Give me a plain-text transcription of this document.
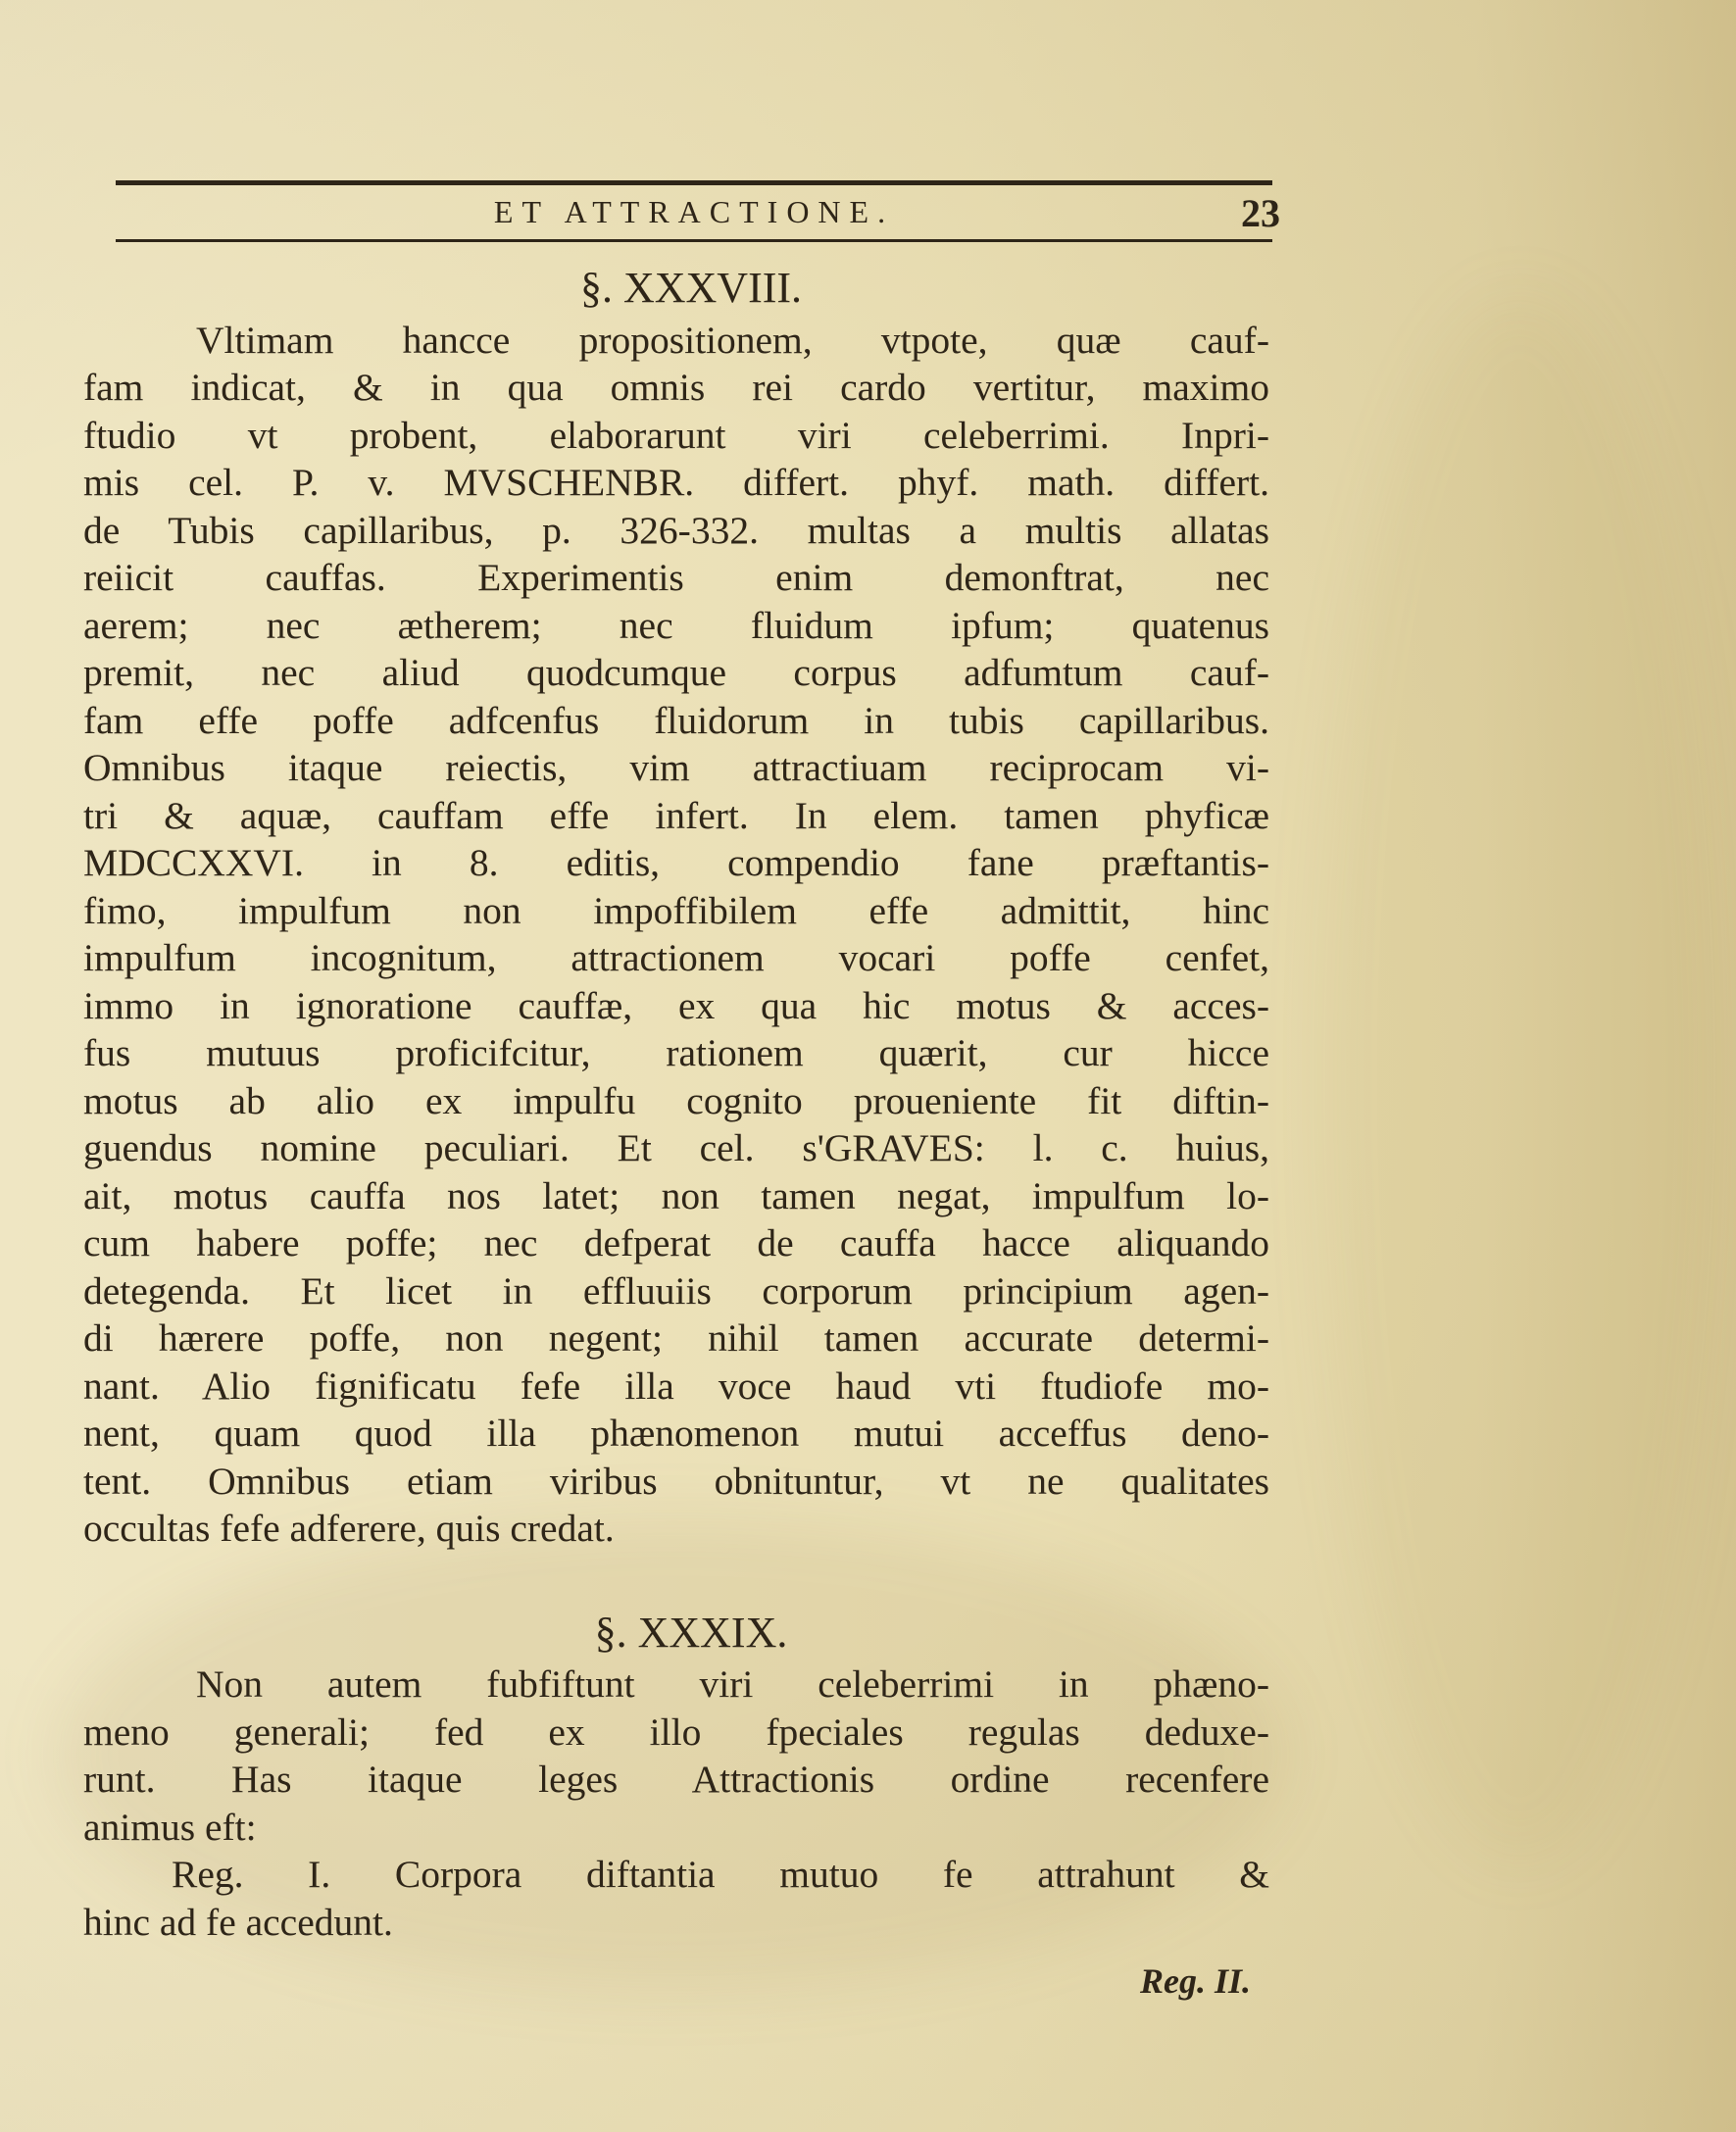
ET ATTRACTIONE.	23
§. XXXVIII.
Vltimam hancce propositionem, vtpote, quæ cauf-
fam indicat, & in qua omnis rei cardo vertitur, maximo
ftudio vt probent, elaborarunt viri celeberrimi. Inpri-
mis cel. P. v. MVSCHENBR. differt. phyf. math. differt.
de Tubis capillaribus, p. 326-332. multas a multis allatas
reiicit cauffas. Experimentis enim demonftrat, nec
aerem; nec ætherem; nec fluidum ipfum; quatenus
premit, nec aliud quodcumque corpus adfumtum cauf-
fam effe poffe adfcenfus fluidorum in tubis capillaribus.
Omnibus itaque reiectis, vim attractiuam reciprocam vi-
tri & aquæ, cauffam effe infert. In elem. tamen phyficæ
MDCCXXVI. in 8. editis, compendio fane præftantis-
fimo, impulfum non impoffibilem effe admittit, hinc
impulfum incognitum, attractionem vocari poffe cenfet,
immo in ignoratione cauffæ, ex qua hic motus & acces-
fus mutuus proficifcitur, rationem quærit, cur hicce
motus ab alio ex impulfu cognito proueniente fit diftin-
guendus nomine peculiari. Et cel. s'GRAVES: l. c. huius,
ait, motus cauffa nos latet; non tamen negat, impulfum lo-
cum habere poffe; nec defperat de cauffa hacce aliquando
detegenda. Et licet in effluuiis corporum principium agen-
di hærere poffe, non negent; nihil tamen accurate determi-
nant. Alio fignificatu fefe illa voce haud vti ftudiofe mo-
nent, quam quod illa phænomenon mutui acceffus deno-
tent. Omnibus etiam viribus obnituntur, vt ne qualitates
occultas fefe adferere, quis credat.
§. XXXIX.
Non autem fubfiftunt viri celeberrimi in phæno-
meno generali; fed ex illo fpeciales regulas deduxe-
runt. Has itaque leges Attractionis ordine recenfere
animus eft:
Reg. I. Corpora diftantia mutuo fe attrahunt &
hinc ad fe accedunt.
Reg. II.
